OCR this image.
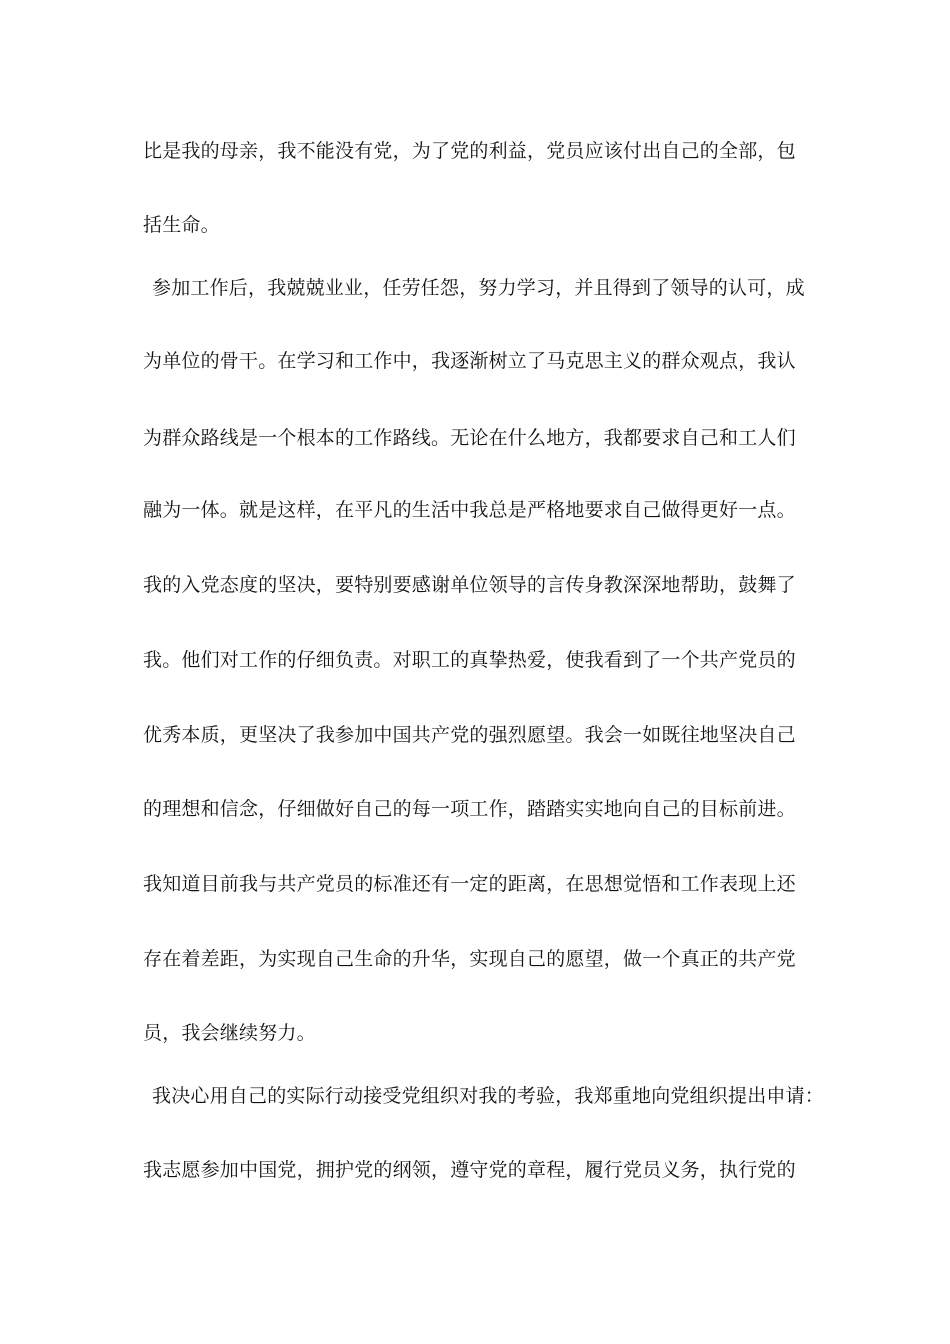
比是我的母亲，我不能没有党，为了党的利益，党员应该付出自己的全部，包
括生命。
参加工作后，我兢兢业业，任劳任怨，努力学习，并且得到了领导的认可，成
为单位的骨干。在学习和工作中，我逐渐树立了马克思主义的群众观点，我认
为群众路线是一个根本的工作路线。无论在什么地方，我都要求自己和工人们
融为一体。就是这样，在平凡的生活中我总是严格地要求自己做得更好一点。
我的入党态度的坚决，要特别要感谢单位领导的言传身教深深地帮助，鼓舞了
我。他们对工作的仔细负责。对职工的真挚热爱，使我看到了一个共产党员的
优秀本质，更坚决了我参加中国共产党的强烈愿望。我会一如既往地坚决自己
的理想和信念，仔细做好自己的每一项工作，踏踏实实地向自己的目标前进。
我知道目前我与共产党员的标准还有一定的距离，在思想觉悟和工作表现上还
存在着差距，为实现自己生命的升华，实现自己的愿望，做一个真正的共产党
员，我会继续努力。
我决心用自己的实际行动接受党组织对我的考验，我郑重地向党组织提出申请：
我志愿参加中国党，拥护党的纲领，遵守党的章程，履行党员义务，执行党的
